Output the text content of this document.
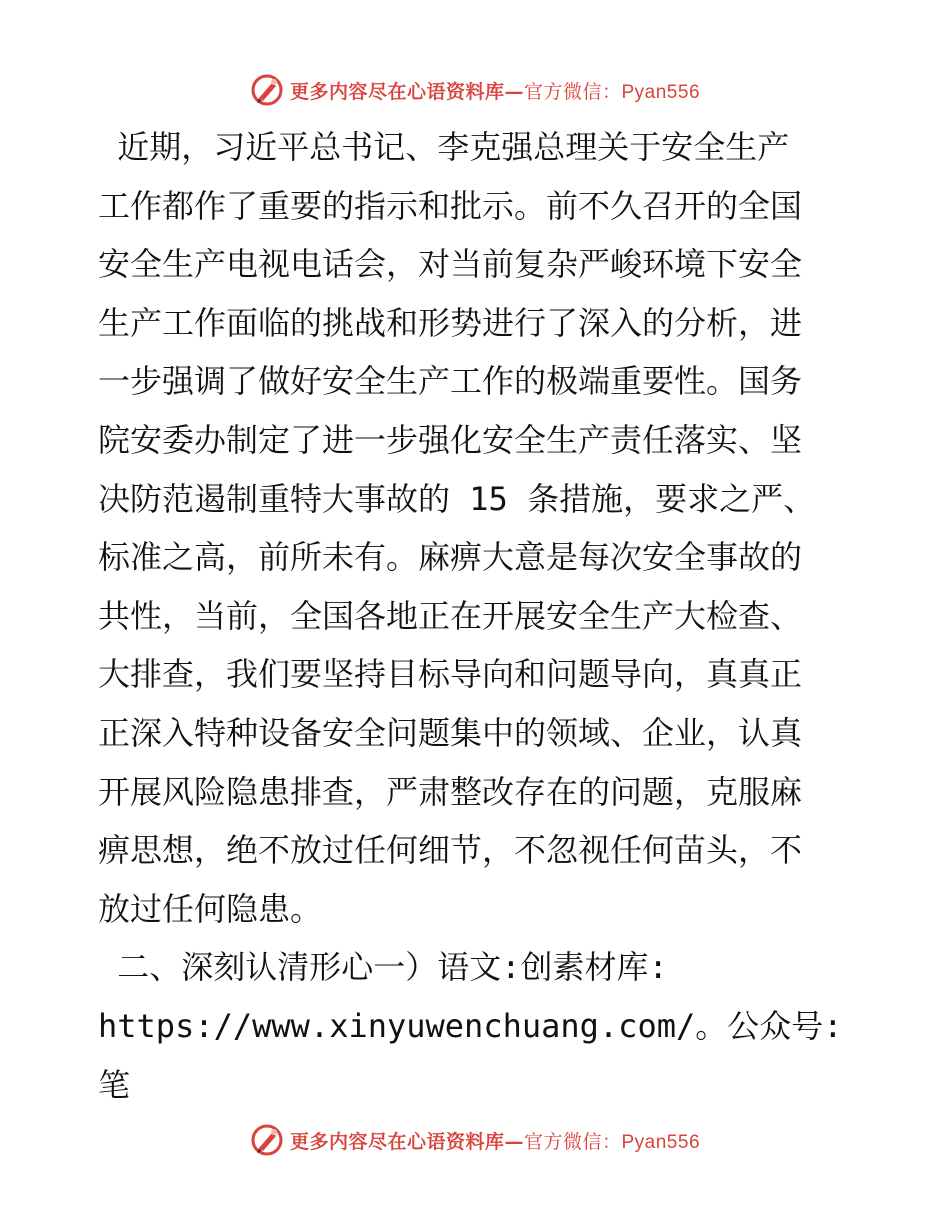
更多内容尽在心语资料库—官方微信：Pyan556

近期，习近平总书记、李克强总理关于安全生产

工作都作了重要的指示和批示。前不久召开的全国

安全生产电视电话会，对当前复杂严峻环境下安全

生产工作面临的挑战和形势进行了深入的分析，进

一步强调了做好安全生产工作的极端重要性。国务

院安委办制定了进一步强化安全生产责任落实、坚

决防范遏制重特大事故的 15 条措施，要求之严、

标准之高，前所未有。麻痹大意是每次安全事故的

共性，当前，全国各地正在开展安全生产大检查、

大排查，我们要坚持目标导向和问题导向，真真正

正深入特种设备安全问题集中的领域、企业，认真

开展风险隐患排查，严肃整改存在的问题，克服麻

痹思想，绝不放过任何细节，不忽视任何苗头，不

放过任何隐患。

二、深刻认清形心一）语文:创素材库:

https://www.xinyuwenchuang.com/。公众号: 笔

更多内容尽在心语资料库—官方微信：Pyan556
